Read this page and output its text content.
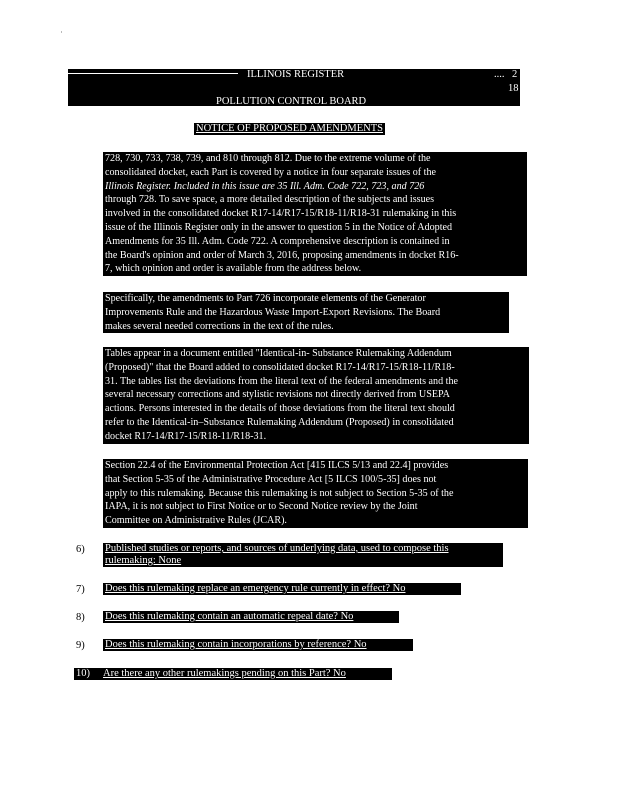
ILLINOIS REGISTER	.... 2
18
POLLUTION CONTROL BOARD
NOTICE OF PROPOSED AMENDMENTS
728, 730, 733, 738, 739, and 810 through 812. Due to the extreme volume of the
consolidated docket, each Part is covered by a notice in four separate issues of the
Illinois Register. Included in this issue are 35 Ill. Adm. Code 722, 723, and 726
through 728. To save space, a more detailed description of the subjects and issues
involved in the consolidated docket R17-14/R17-15/R18-11/R18-31 rulemaking in this
issue of the Illinois Register only in the answer to question 5 in the Notice of Adopted
Amendments for 35 Ill. Adm. Code 722. A comprehensive description is contained in
the Board's opinion and order of March 3, 2016, proposing amendments in docket R16-
7, which opinion and order is available from the address below.
Specifically, the amendments to Part 726 incorporate elements of the Generator
Improvements Rule and the Hazardous Waste Import-Export Revisions. The Board
makes several needed corrections in the text of the rules.
Tables appear in a document entitled "Identical-in- Substance Rulemaking Addendum
(Proposed)" that the Board added to consolidated docket R17-14/R17-15/R18-11/R18-
31. The tables list the deviations from the literal text of the federal amendments and the
several necessary corrections and stylistic revisions not directly derived from USEPA
actions. Persons interested in the details of those deviations from the literal text should
refer to the Identical-in–Substance Rulemaking Addendum (Proposed) in consolidated
docket R17-14/R17-15/R18-11/R18-31.
Section 22.4 of the Environmental Protection Act [415 ILCS 5/13 and 22.4] provides
that Section 5-35 of the Administrative Procedure Act [5 ILCS 100/5-35] does not
apply to this rulemaking. Because this rulemaking is not subject to Section 5-35 of the
IAPA, it is not subject to First Notice or to Second Notice review by the Joint
Committee on Administrative Rules (JCAR).
6) Published studies or reports, and sources of underlying data, used to compose this
rulemaking: None
7) Does this rulemaking replace an emergency rule currently in effect? No
8) Does this rulemaking contain an automatic repeal date? No
9) Does this rulemaking contain incorporations by reference? No
10) Are there any other rulemakings pending on this Part? No
